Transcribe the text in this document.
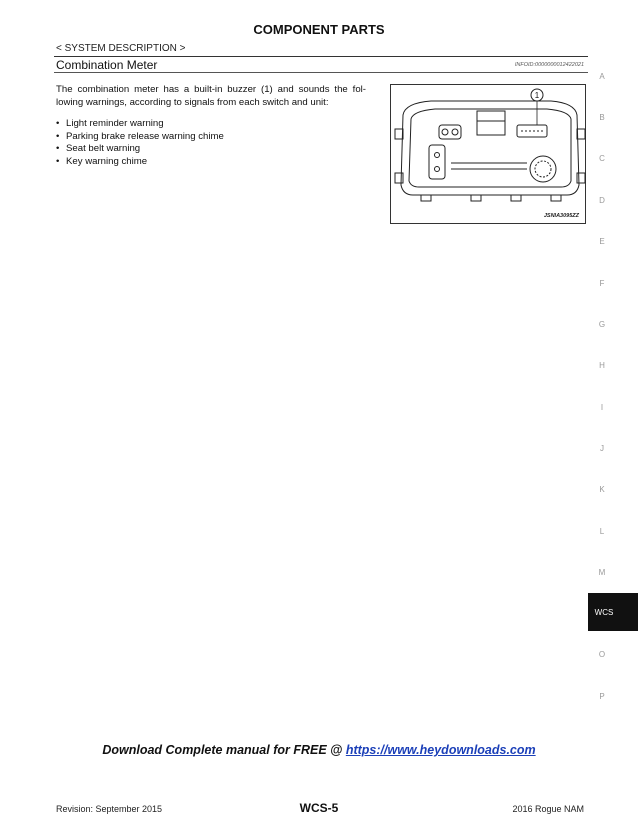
COMPONENT PARTS
< SYSTEM DESCRIPTION >
Combination Meter	INFOID:0000000012422021

The combination meter has a built-in buzzer (1) and sounds the fol-lowing warnings, according to signals from each switch and unit:

• Light reminder warning
• Parking brake release warning chime
• Seat belt warning
• Key warning chime
1
JSNIA3095ZZ
A
B
C
D
E
F
G
H
I
J
K
L
M
O
P
WCS
Download Complete manual for FREE @ https://www.heydownloads.com
Revision: September 2015	WCS-5	2016 Rogue NAM
